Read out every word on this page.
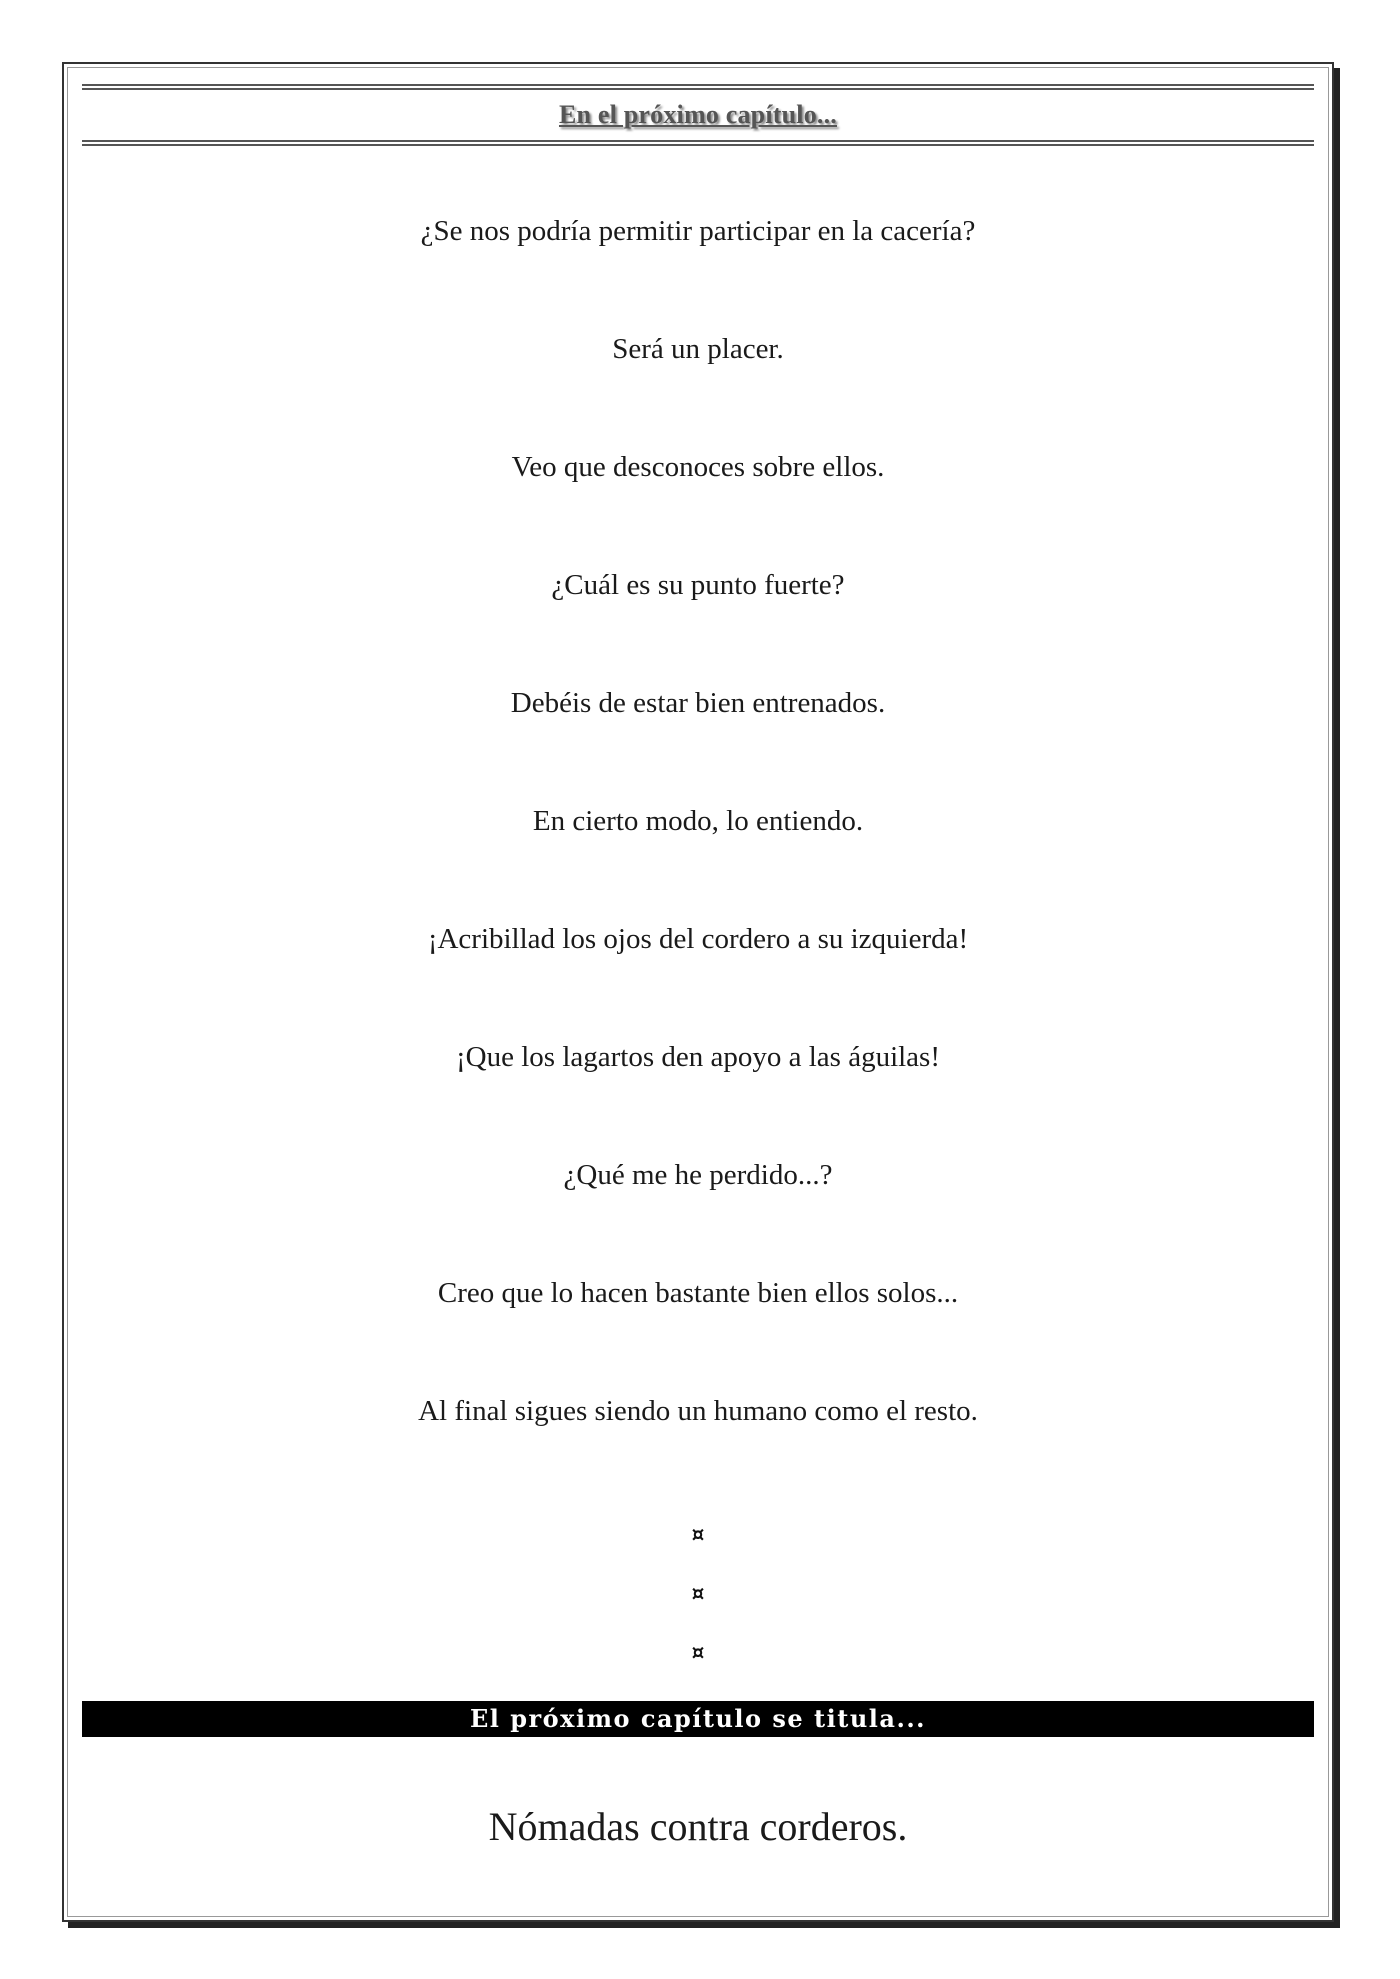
En el próximo capítulo...
¿Se nos podría permitir participar en la cacería?
Será un placer.
Veo que desconoces sobre ellos.
¿Cuál es su punto fuerte?
Debéis de estar bien entrenados.
En cierto modo, lo entiendo.
¡Acribillad los ojos del cordero a su izquierda!
¡Que los lagartos den apoyo a las águilas!
¿Qué me he perdido...?
Creo que lo hacen bastante bien ellos solos...
Al final sigues siendo un humano como el resto.
¤
¤
¤
El próximo capítulo se titula...
Nómadas contra corderos.
